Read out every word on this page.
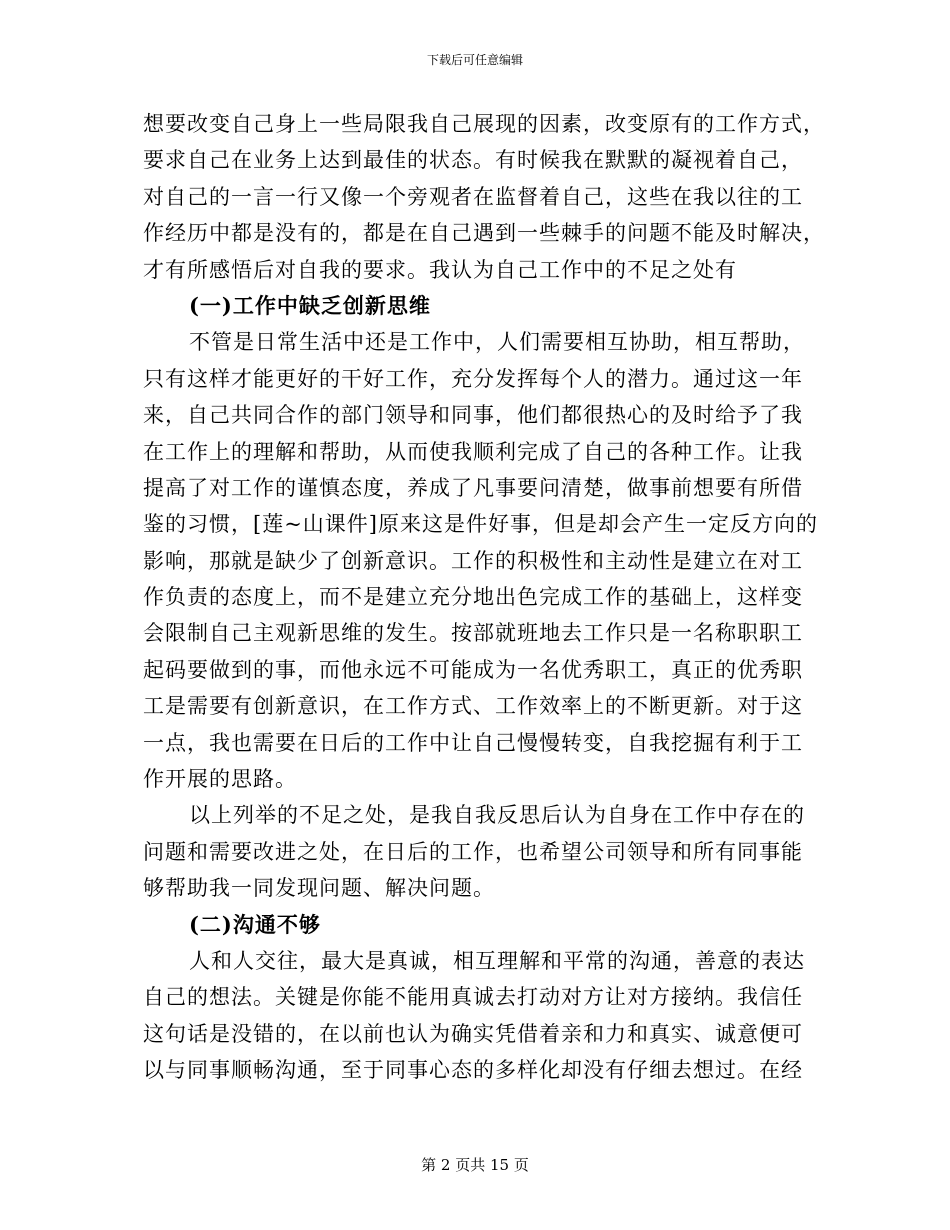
下载后可任意编辑
想要改变自己身上一些局限我自己展现的因素，改变原有的工作方式，
要求自己在业务上达到最佳的状态。有时候我在默默的凝视着自己，
对自己的一言一行又像一个旁观者在监督着自己，这些在我以往的工
作经历中都是没有的，都是在自己遇到一些棘手的问题不能及时解决，
才有所感悟后对自我的要求。我认为自己工作中的不足之处有
(一)工作中缺乏创新思维
不管是日常生活中还是工作中，人们需要相互协助，相互帮助，
只有这样才能更好的干好工作，充分发挥每个人的潜力。通过这一年
来，自己共同合作的部门领导和同事，他们都很热心的及时给予了我
在工作上的理解和帮助，从而使我顺利完成了自己的各种工作。让我
提高了对工作的谨慎态度，养成了凡事要问清楚，做事前想要有所借
鉴的习惯，[莲~山课件]原来这是件好事，但是却会产生一定反方向的
影响，那就是缺少了创新意识。工作的积极性和主动性是建立在对工
作负责的态度上，而不是建立充分地出色完成工作的基础上，这样变
会限制自己主观新思维的发生。按部就班地去工作只是一名称职职工
起码要做到的事，而他永远不可能成为一名优秀职工，真正的优秀职
工是需要有创新意识，在工作方式、工作效率上的不断更新。对于这
一点，我也需要在日后的工作中让自己慢慢转变，自我挖掘有利于工
作开展的思路。
以上列举的不足之处，是我自我反思后认为自身在工作中存在的
问题和需要改进之处，在日后的工作，也希望公司领导和所有同事能
够帮助我一同发现问题、解决问题。
(二)沟通不够
人和人交往，最大是真诚，相互理解和平常的沟通，善意的表达
自己的想法。关键是你能不能用真诚去打动对方让对方接纳。我信任
这句话是没错的，在以前也认为确实凭借着亲和力和真实、诚意便可
以与同事顺畅沟通，至于同事心态的多样化却没有仔细去想过。在经
第 2 页共 15 页
